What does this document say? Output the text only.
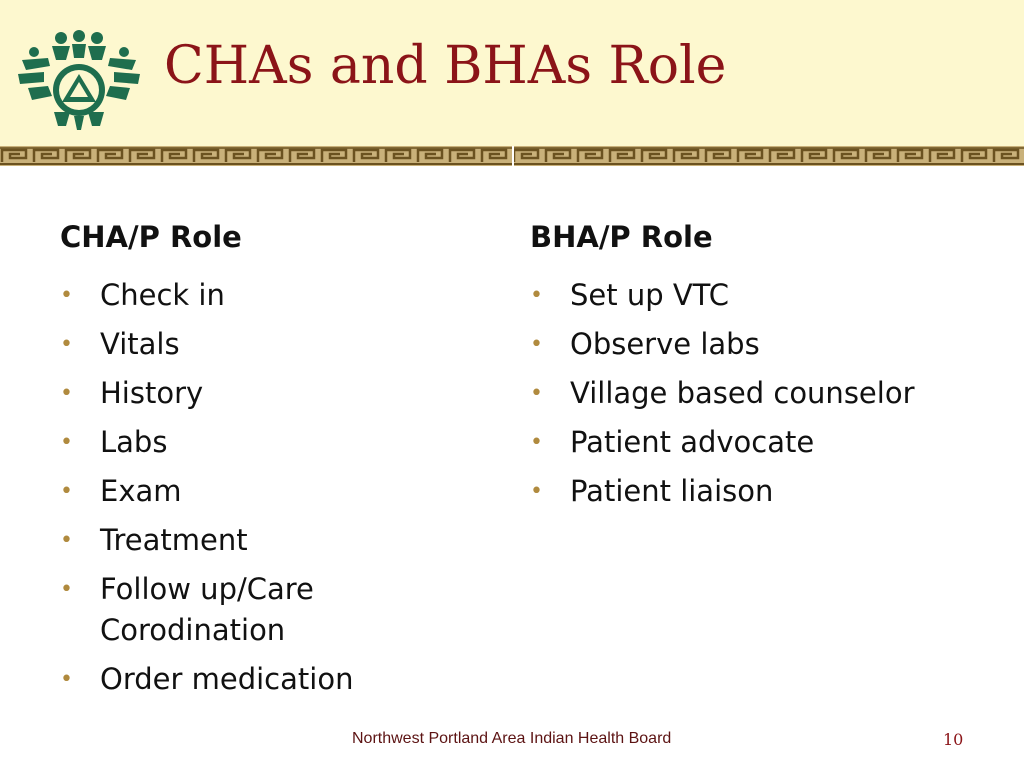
CHAs and BHAs Role
CHA/P Role
• Check in
• Vitals
• History
• Labs
• Exam
• Treatment
• Follow up/Care Corodination
• Order medication
BHA/P Role
• Set up VTC
• Observe labs
• Village based counselor
• Patient advocate
• Patient liaison
Northwest Portland Area Indian Health Board	10
